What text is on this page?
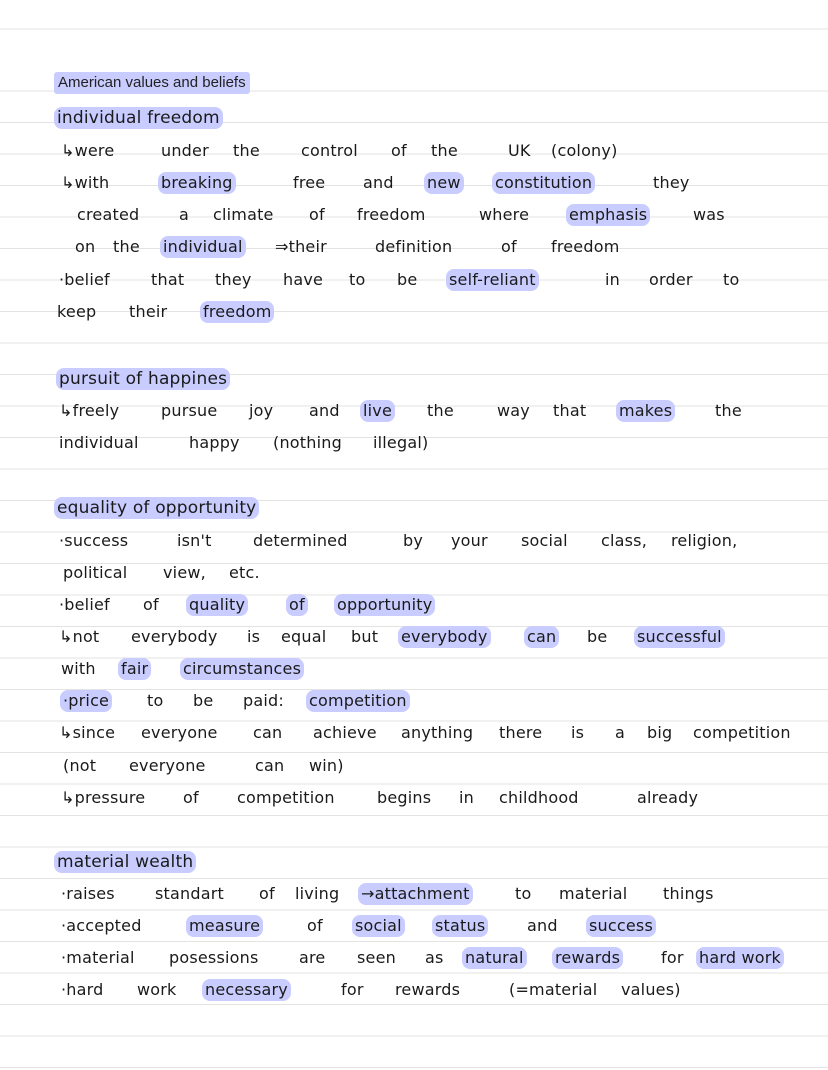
American values and beliefs
individual freedom
↳were	under the	control of the	UK (colony)
↳with	breaking	free and new constitution	they
created a climate of freedom	where emphasis	was
on the individual ⇒their	definition	of freedom
·belief	that they have to be self-reliant	in order to
keep their freedom
pursuit of happines
↳freely	pursue joy and live the	way that makes	the
individual	happy (nothing illegal)
equality of opportunity
·success	isn't	determined	by your social class, religion,
political view, etc.
·belief of quality	of opportunity
↳not everybody is equal but everybody can be successful
with fair circumstances
·price to be paid: competition
↳since everyone can achieve anything there is a big competition
(not everyone	can win)
↳pressure of competition	begins in childhood	already
material wealth
·raises	standart of living →attachment	to material things
·accepted	measure	of social status	and success
·material posessions	are seen as natural rewards	for hard work
·hard work necessary	for rewards	(=material values)
